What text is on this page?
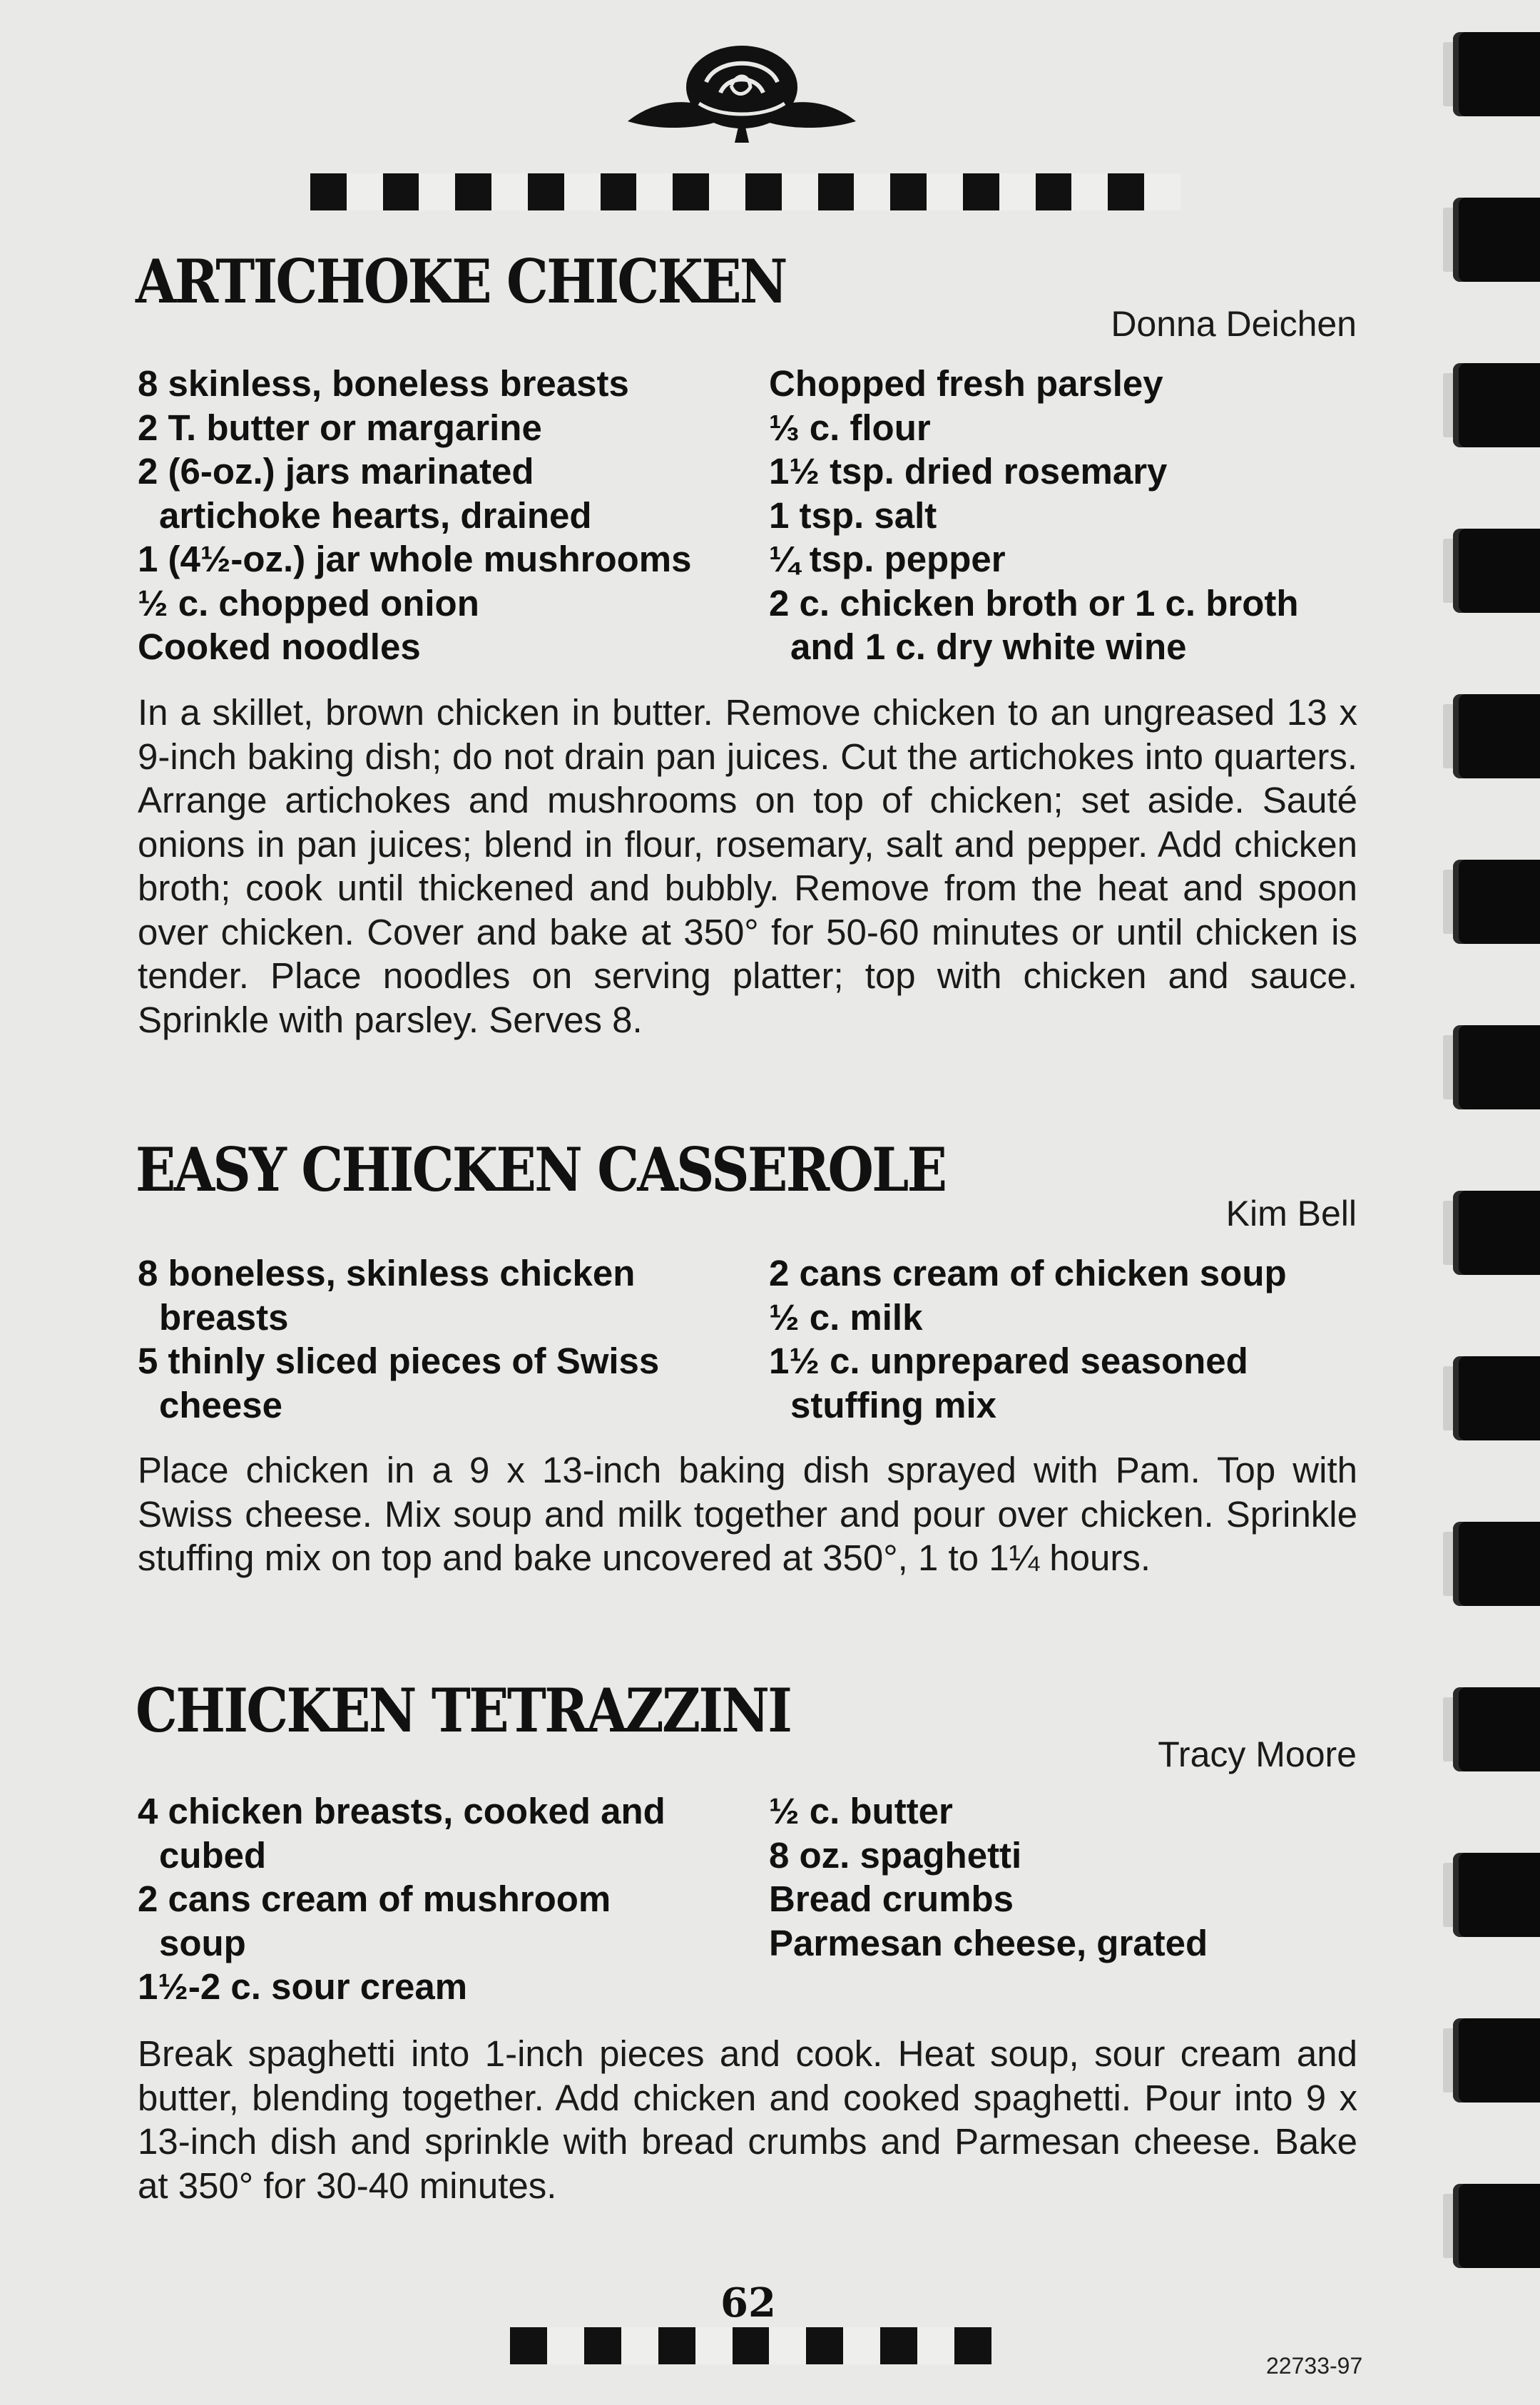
ARTICHOKE CHICKEN
Donna Deichen
8 skinless, boneless breasts
2 T. butter or margarine
2 (6-oz.) jars marinated
artichoke hearts, drained
1 (4½-oz.) jar whole mushrooms
½ c. chopped onion
Cooked noodles
Chopped fresh parsley
⅓ c. flour
1½ tsp. dried rosemary
1 tsp. salt
¼ tsp. pepper
2 c. chicken broth or 1 c. broth
and 1 c. dry white wine
In a skillet, brown chicken in butter. Remove chicken to an ungreased 13 x 9-inch baking dish; do not drain pan juices. Cut the artichokes into quarters. Arrange artichokes and mushrooms on top of chicken; set aside. Sauté onions in pan juices; blend in flour, rosemary, salt and pepper. Add chicken broth; cook until thickened and bubbly. Remove from the heat and spoon over chicken. Cover and bake at 350° for 50-60 minutes or until chicken is tender. Place noodles on serving platter; top with chicken and sauce. Sprinkle with parsley. Serves 8.
EASY CHICKEN CASSEROLE
Kim Bell
8 boneless, skinless chicken
breasts
5 thinly sliced pieces of Swiss
cheese
2 cans cream of chicken soup
½ c. milk
1½ c. unprepared seasoned
stuffing mix
Place chicken in a 9 x 13-inch baking dish sprayed with Pam. Top with Swiss cheese. Mix soup and milk together and pour over chicken. Sprinkle stuffing mix on top and bake uncovered at 350°, 1 to 1¼ hours.
CHICKEN TETRAZZINI
Tracy Moore
4 chicken breasts, cooked and
cubed
2 cans cream of mushroom
soup
1½-2 c. sour cream
½ c. butter
8 oz. spaghetti
Bread crumbs
Parmesan cheese, grated
Break spaghetti into 1-inch pieces and cook. Heat soup, sour cream and butter, blending together. Add chicken and cooked spaghetti. Pour into 9 x 13-inch dish and sprinkle with bread crumbs and Parmesan cheese. Bake at 350° for 30-40 minutes.
62
22733-97
